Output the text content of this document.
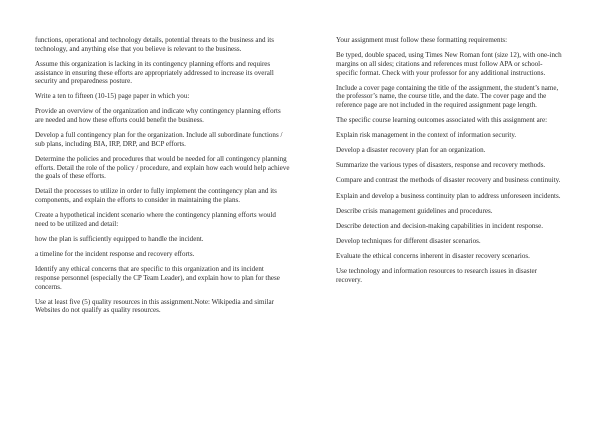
functions, operational and technology details, potential threats to the business and its technology, and anything else that you believe is relevant to the business.

Assume this organization is lacking in its contingency planning efforts and requires assistance in ensuring these efforts are appropriately addressed to increase its overall security and preparedness posture.

Write a ten to fifteen (10-15) page paper in which you:

Provide an overview of the organization and indicate why contingency planning efforts are needed and how these efforts could benefit the business.

Develop a full contingency plan for the organization. Include all subordinate functions / sub plans, including BIA, IRP, DRP, and BCP efforts.

Determine the policies and procedures that would be needed for all contingency planning efforts. Detail the role of the policy / procedure, and explain how each would help achieve the goals of these efforts.

Detail the processes to utilize in order to fully implement the contingency plan and its components, and explain the efforts to consider in maintaining the plans.

Create a hypothetical incident scenario where the contingency planning efforts would need to be utilized and detail:

how the plan is sufficiently equipped to handle the incident.

a timeline for the incident response and recovery efforts.

Identify any ethical concerns that are specific to this organization and its incident response personnel (especially the CP Team Leader), and explain how to plan for these concerns.

Use at least five (5) quality resources in this assignment.Note: Wikipedia and similar Websites do not qualify as quality resources.

Your assignment must follow these formatting requirements:

Be typed, double spaced, using Times New Roman font (size 12), with one-inch margins on all sides; citations and references must follow APA or school-specific format. Check with your professor for any additional instructions.

Include a cover page containing the title of the assignment, the student’s name, the professor’s name, the course title, and the date. The cover page and the reference page are not included in the required assignment page length.

The specific course learning outcomes associated with this assignment are:

Explain risk management in the context of information security.

Develop a disaster recovery plan for an organization.

Summarize the various types of disasters, response and recovery methods.

Compare and contrast the methods of disaster recovery and business continuity.

Explain and develop a business continuity plan to address unforeseen incidents.

Describe crisis management guidelines and procedures.

Describe detection and decision-making capabilities in incident response.

Develop techniques for different disaster scenarios.

Evaluate the ethical concerns inherent in disaster recovery scenarios.

Use technology and information resources to research issues in disaster recovery.
